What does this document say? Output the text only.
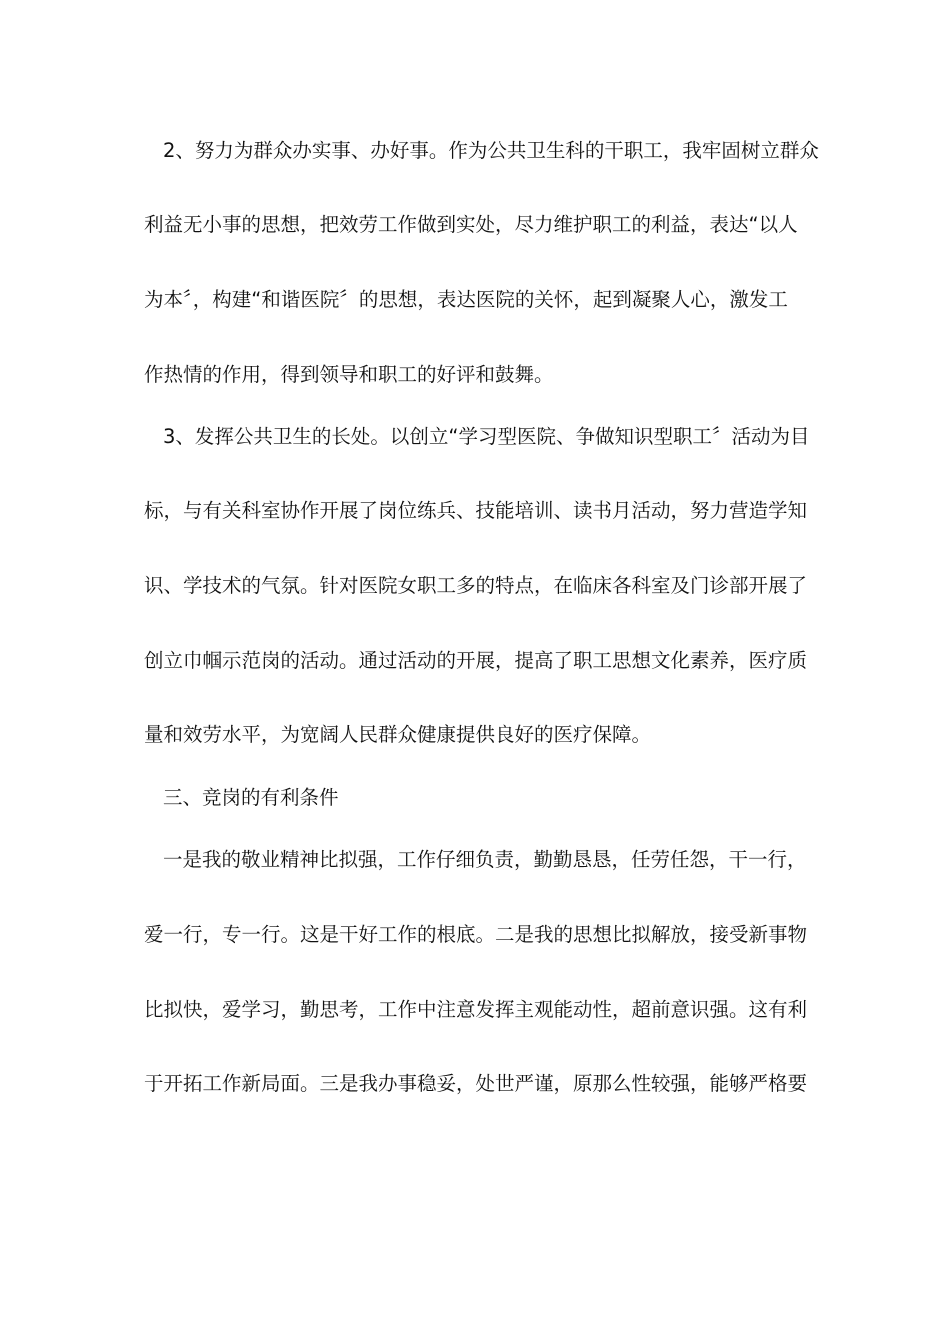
2、努力为群众办实事、办好事。作为公共卫生科的干职工，我牢固树立群众
利益无小事的思想，把效劳工作做到实处，尽力维护职工的利益，表达“以人
为本〞，构建“和谐医院〞的思想，表达医院的关怀，起到凝聚人心，激发工
作热情的作用，得到领导和职工的好评和鼓舞。
3、发挥公共卫生的长处。以创立“学习型医院、争做知识型职工〞活动为目
标，与有关科室协作开展了岗位练兵、技能培训、读书月活动，努力营造学知
识、学技术的气氛。针对医院女职工多的特点，在临床各科室及门诊部开展了
创立巾帼示范岗的活动。通过活动的开展，提高了职工思想文化素养，医疗质
量和效劳水平，为宽阔人民群众健康提供良好的医疗保障。
三、竞岗的有利条件
一是我的敬业精神比拟强，工作仔细负责，勤勤恳恳，任劳任怨，干一行，
爱一行，专一行。这是干好工作的根底。二是我的思想比拟解放，接受新事物
比拟快，爱学习，勤思考，工作中注意发挥主观能动性，超前意识强。这有利
于开拓工作新局面。三是我办事稳妥，处世严谨，原那么性较强，能够严格要
